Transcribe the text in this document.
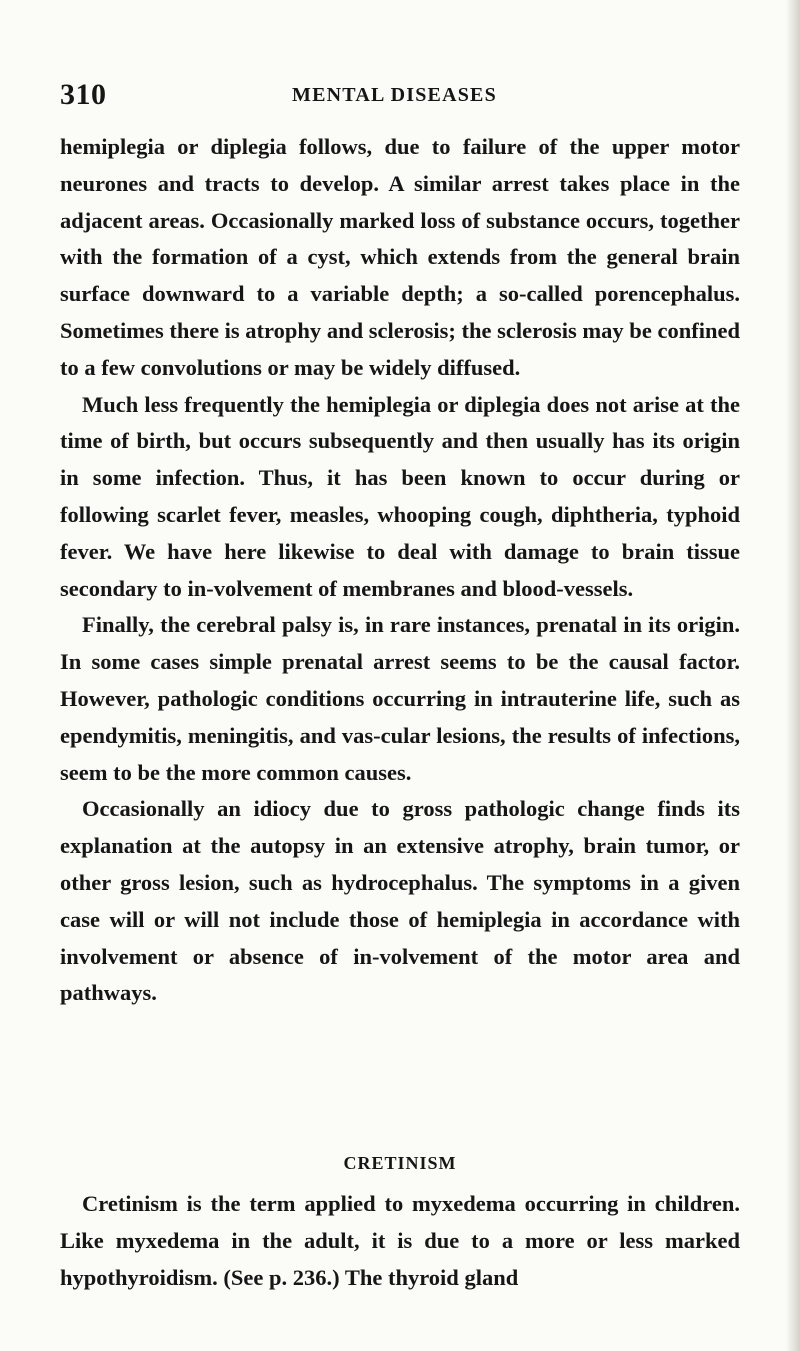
310	MENTAL DISEASES

hemiplegia or diplegia follows, due to failure of the upper motor neurones and tracts to develop. A similar arrest takes place in the adjacent areas. Occasionally marked loss of substance occurs, together with the formation of a cyst, which extends from the general brain surface downward to a variable depth; a so-called porencephalus. Sometimes there is atrophy and sclerosis; the sclerosis may be confined to a few convolutions or may be widely diffused.

Much less frequently the hemiplegia or diplegia does not arise at the time of birth, but occurs subsequently and then usually has its origin in some infection. Thus, it has been known to occur during or following scarlet fever, measles, whooping cough, diphtheria, typhoid fever. We have here likewise to deal with damage to brain tissue secondary to in-volvement of membranes and blood-vessels.

Finally, the cerebral palsy is, in rare instances, prenatal in its origin. In some cases simple prenatal arrest seems to be the causal factor. However, pathologic conditions occurring in intrauterine life, such as ependymitis, meningitis, and vas-cular lesions, the results of infections, seem to be the more common causes.

Occasionally an idiocy due to gross pathologic change finds its explanation at the autopsy in an extensive atrophy, brain tumor, or other gross lesion, such as hydrocephalus. The symptoms in a given case will or will not include those of hemiplegia in accordance with involvement or absence of in-volvement of the motor area and pathways.

CRETINISM

Cretinism is the term applied to myxedema occurring in children. Like myxedema in the adult, it is due to a more or less marked hypothyroidism. (See p. 236.) The thyroid gland
